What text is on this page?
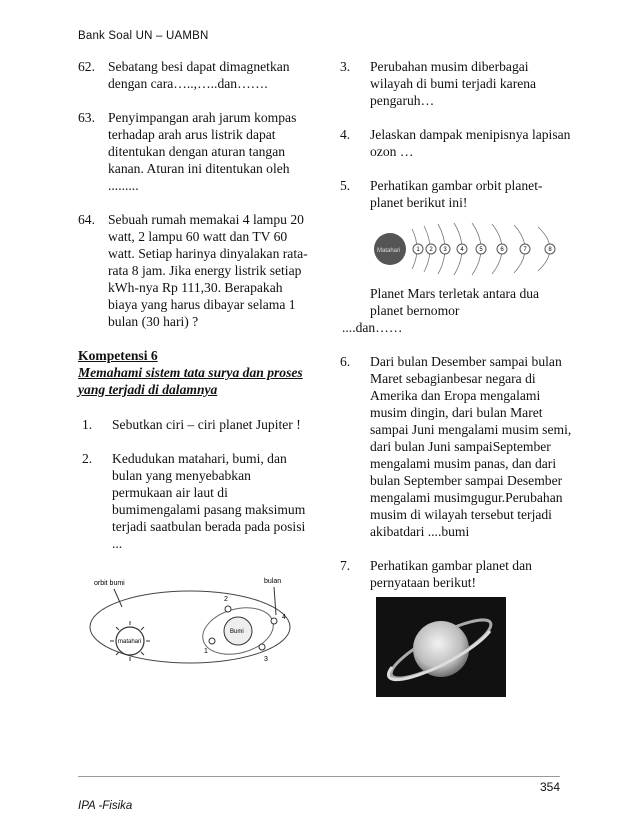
Bank Soal UN – UAMBN
62. Sebatang besi dapat dimagnetkan dengan cara…..,…..dan…….
63. Penyimpangan arah jarum kompas terhadap arah arus listrik dapat ditentukan dengan aturan tangan kanan. Aturan ini ditentukan oleh .........
64. Sebuah rumah memakai 4 lampu 20 watt, 2 lampu 60 watt dan TV 60 watt. Setiap harinya dinyalakan rata-rata 8 jam. Jika energy listrik setiap kWh-nya Rp 111,30. Berapakah biaya yang harus dibayar selama 1 bulan (30 hari) ?
Kompetensi 6
Memahami sistem tata surya dan proses yang terjadi di dalamnya
1.	Sebutkan ciri – ciri planet Jupiter !
2.	Kedudukan matahari, bumi, dan bulan yang menyebabkan permukaan air laut di bumimengalami pasang maksimum terjadi saatbulan berada pada posisi ...
orbit bumi	bulan
matahari
Bumi
1
2
3
4
3.	Perubahan musim diberbagai wilayah di bumi terjadi karena pengaruh…
4.	Jelaskan dampak menipisnya lapisan ozon …
5.	Perhatikan gambar orbit planet-planet berikut ini!
Matahari	1 2 3 4	5	6	7	8
Planet Mars terletak antara dua planet bernomor
....dan……
6.	Dari bulan Desember sampai bulan Maret sebagianbesar negara di Amerika dan Eropa mengalami musim dingin, dari bulan Maret sampai Juni mengalami musim semi, dari bulan Juni sampaiSeptember mengalami musim panas, dan dari bulan September sampai Desember mengalami musimgugur.Perubahan musim di wilayah tersebut terjadi akibatdari ....bumi
7.	Perhatikan gambar planet dan pernyataan berikut!
354
IPA -Fisika
